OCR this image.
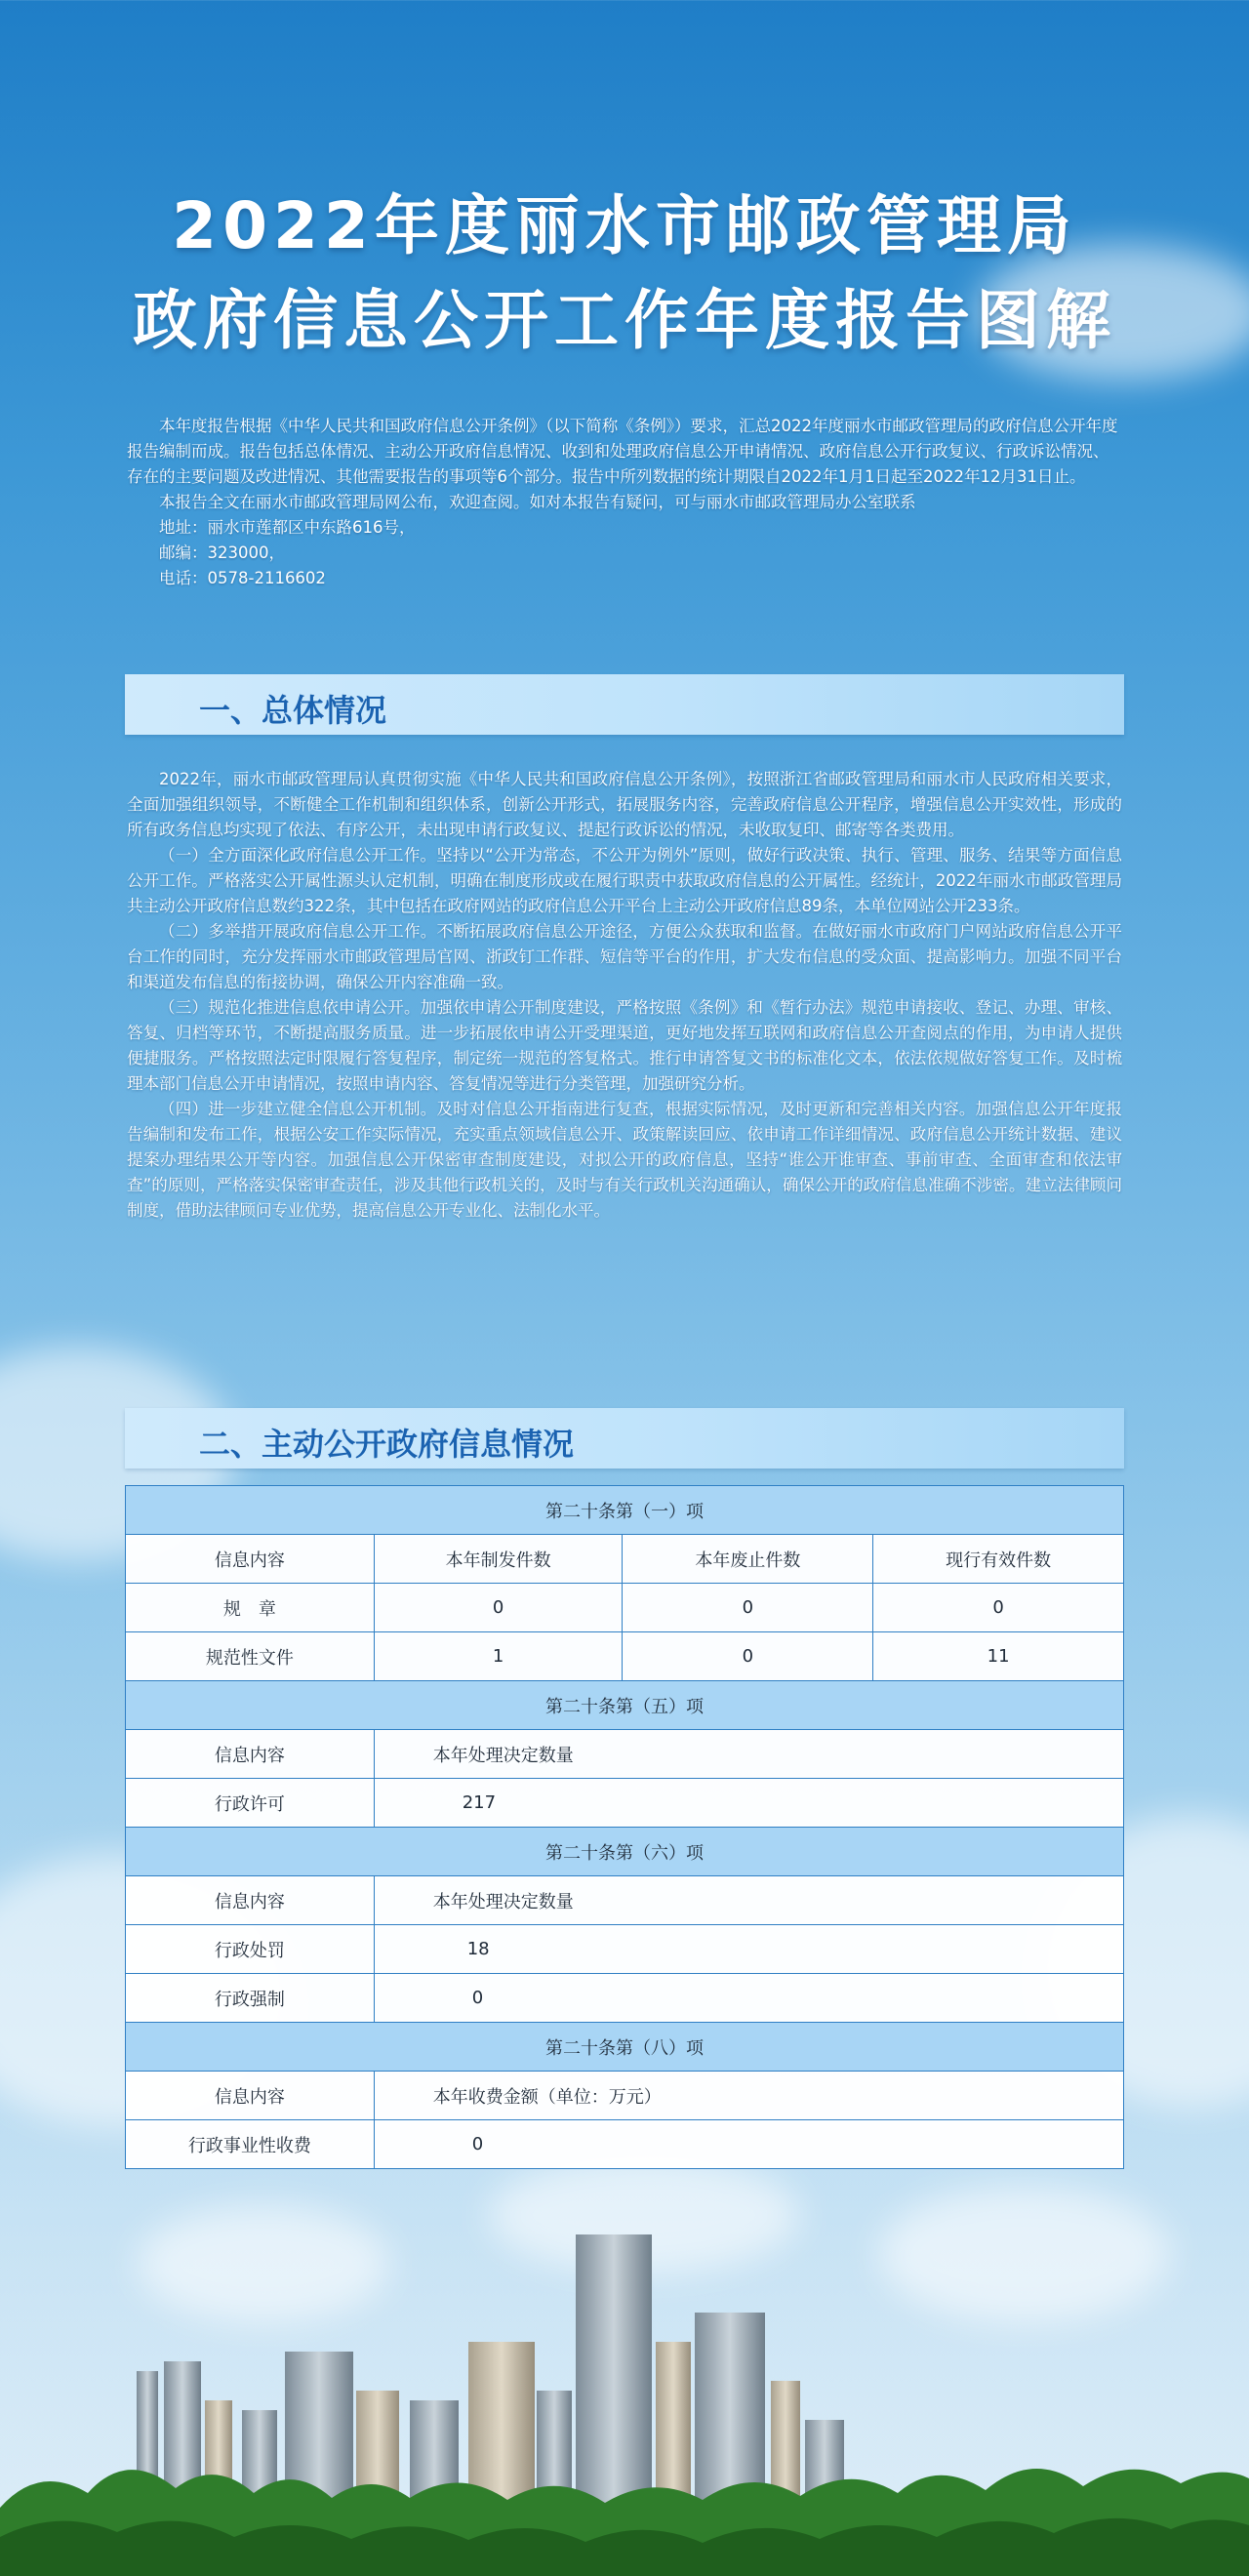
2022年度丽水市邮政管理局
政府信息公开工作年度报告图解

本年度报告根据《中华人民共和国政府信息公开条例》（以下简称《条例》）要求，汇总2022年度丽水市邮政管理局的政府信息公开年度报告编制而成。报告包括总体情况、主动公开政府信息情况、收到和处理政府信息公开申请情况、政府信息公开行政复议、行政诉讼情况、存在的主要问题及改进情况、其他需要报告的事项等6个部分。报告中所列数据的统计期限自2022年1月1日起至2022年12月31日止。

本报告全文在丽水市邮政管理局网公布，欢迎查阅。如对本报告有疑问，可与丽水市邮政管理局办公室联系

地址：丽水市莲都区中东路616号，

邮编：323000，

电话：0578-2116602

一、总体情况

2022年，丽水市邮政管理局认真贯彻实施《中华人民共和国政府信息公开条例》，按照浙江省邮政管理局和丽水市人民政府相关要求，全面加强组织领导，不断健全工作机制和组织体系，创新公开形式，拓展服务内容，完善政府信息公开程序，增强信息公开实效性，形成的所有政务信息均实现了依法、有序公开，未出现申请行政复议、提起行政诉讼的情况，未收取复印、邮寄等各类费用。

（一）全方面深化政府信息公开工作。坚持以“公开为常态，不公开为例外”原则，做好行政决策、执行、管理、服务、结果等方面信息公开工作。严格落实公开属性源头认定机制，明确在制度形成或在履行职责中获取政府信息的公开属性。经统计，2022年丽水市邮政管理局共主动公开政府信息数约322条，其中包括在政府网站的政府信息公开平台上主动公开政府信息89条，本单位网站公开233条。

（二）多举措开展政府信息公开工作。不断拓展政府信息公开途径，方便公众获取和监督。在做好丽水市政府门户网站政府信息公开平台工作的同时，充分发挥丽水市邮政管理局官网、浙政钉工作群、短信等平台的作用，扩大发布信息的受众面、提高影响力。加强不同平台和渠道发布信息的衔接协调，确保公开内容准确一致。

（三）规范化推进信息依申请公开。加强依申请公开制度建设，严格按照《条例》和《暂行办法》规范申请接收、登记、办理、审核、答复、归档等环节，不断提高服务质量。进一步拓展依申请公开受理渠道，更好地发挥互联网和政府信息公开查阅点的作用，为申请人提供便捷服务。严格按照法定时限履行答复程序，制定统一规范的答复格式。推行申请答复文书的标准化文本，依法依规做好答复工作。及时梳理本部门信息公开申请情况，按照申请内容、答复情况等进行分类管理，加强研究分析。

（四）进一步建立健全信息公开机制。及时对信息公开指南进行复查，根据实际情况，及时更新和完善相关内容。加强信息公开年度报告编制和发布工作，根据公安工作实际情况，充实重点领域信息公开、政策解读回应、依申请工作详细情况、政府信息公开统计数据、建议提案办理结果公开等内容。加强信息公开保密审查制度建设，对拟公开的政府信息，坚持“谁公开谁审查、事前审查、全面审查和依法审查”的原则，严格落实保密审查责任，涉及其他行政机关的，及时与有关行政机关沟通确认，确保公开的政府信息准确不涉密。建立法律顾问制度，借助法律顾问专业优势，提高信息公开专业化、法制化水平。

二、主动公开政府信息情况
第二十条第（一）项			
信息内容	本年制发件数	本年废止件数	现行有效件数
规　章	0	0	0
规范性文件	1	0	11
第二十条第（五）项			
信息内容	本年处理决定数量		
行政许可	217		
第二十条第（六）项			
信息内容	本年处理决定数量		
行政处罚	18		
行政强制	0		
第二十条第（八）项			
信息内容	本年收费金额（单位：万元）		
行政事业性收费	0		
